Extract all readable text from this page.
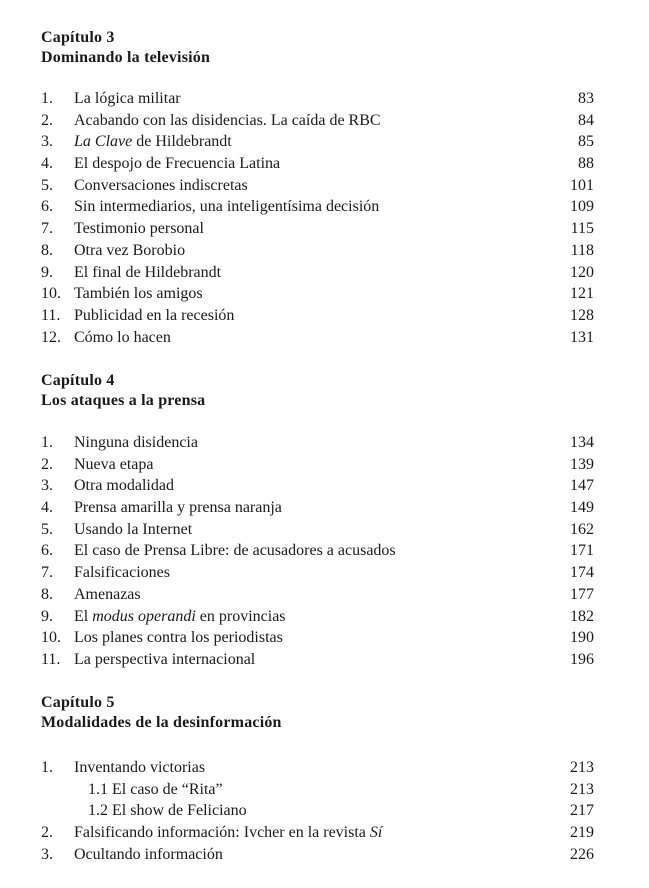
Capítulo 3
Dominando la televisión
1. La lógica militar	83
2. Acabando con las disidencias. La caída de RBC	84
3. La Clave de Hildebrandt	85
4. El despojo de Frecuencia Latina	88
5. Conversaciones indiscretas	101
6. Sin intermediarios, una inteligentísima decisión	109
7. Testimonio personal	115
8. Otra vez Borobio	118
9. El final de Hildebrandt	120
10. También los amigos	121
11. Publicidad en la recesión	128
12. Cómo lo hacen	131
Capítulo 4
Los ataques a la prensa
1. Ninguna disidencia	134
2. Nueva etapa	139
3. Otra modalidad	147
4. Prensa amarilla y prensa naranja	149
5. Usando la Internet	162
6. El caso de Prensa Libre: de acusadores a acusados	171
7. Falsificaciones	174
8. Amenazas	177
9. El modus operandi en provincias	182
10. Los planes contra los periodistas	190
11. La perspectiva internacional	196
Capítulo 5
Modalidades de la desinformación
1. Inventando victorias	213
1.1 El caso de “Rita”	213
1.2 El show de Feliciano	217
2. Falsificando información: Ivcher en la revista Sí	219
3. Ocultando información	226
